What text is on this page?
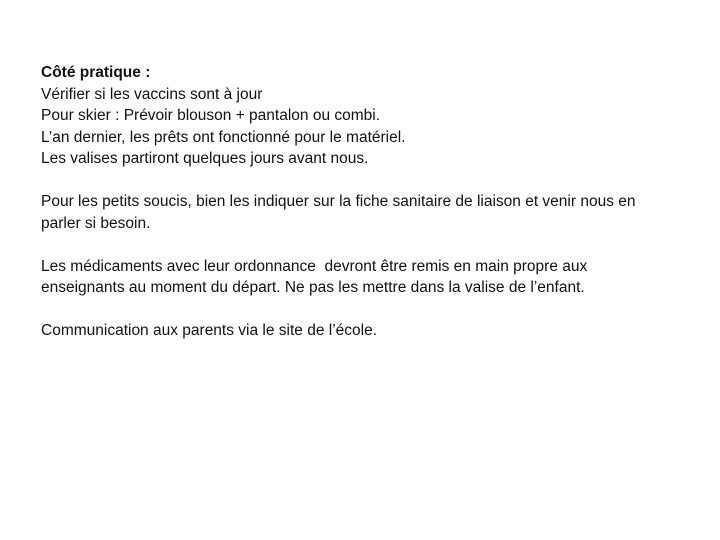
Côté pratique :
Vérifier si les vaccins sont à jour
Pour skier : Prévoir blouson + pantalon ou combi.
L’an dernier, les prêts ont fonctionné pour le matériel.
Les valises partiront quelques jours avant nous.
Pour les petits soucis, bien les indiquer sur la fiche sanitaire de liaison et venir nous en
parler si besoin.
Les médicaments avec leur ordonnance  devront être remis en main propre aux
enseignants au moment du départ. Ne pas les mettre dans la valise de l’enfant.
Communication aux parents via le site de l’école.
